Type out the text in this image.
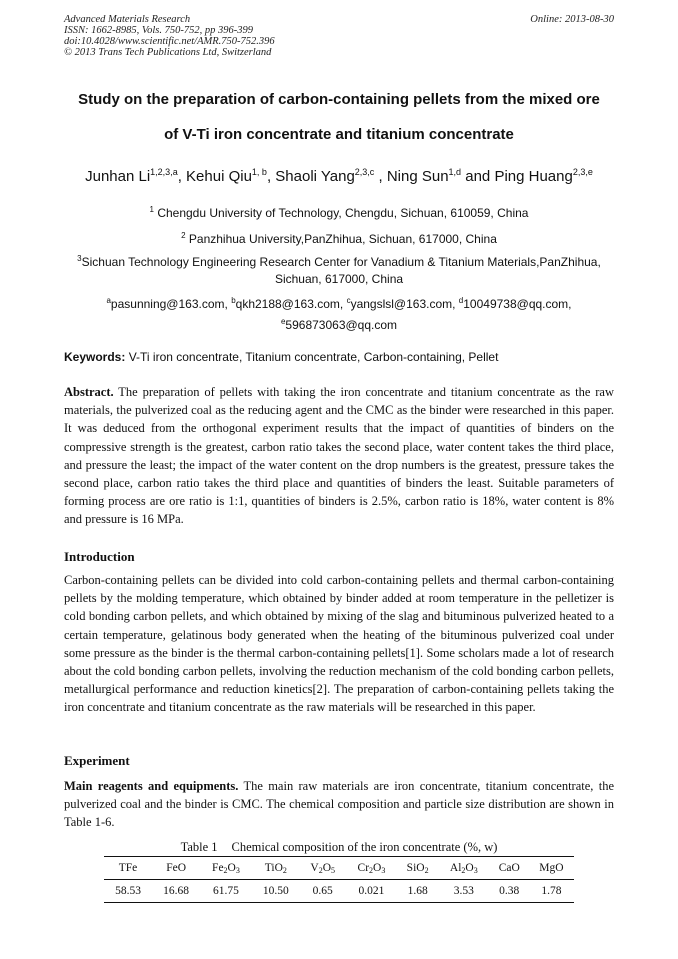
Advanced Materials Research
ISSN: 1662-8985, Vols. 750-752, pp 396-399
doi:10.4028/www.scientific.net/AMR.750-752.396
© 2013 Trans Tech Publications Ltd, Switzerland
Online: 2013-08-30
Study on the preparation of carbon-containing pellets from the mixed ore
of V-Ti iron concentrate and titanium concentrate
Junhan Li$^{1,2,3,a}$, Kehui Qiu$^{1, b}$, Shaoli Yang$^{2,3,c}$ , Ning Sun$^{1,d}$ and Ping Huang$^{2,3,e}$
$^1$ Chengdu University of Technology, Chengdu, Sichuan, 610059, China
$^2$ Panzhihua University,PanZhihua, Sichuan, 617000, China
$^3$Sichuan Technology Engineering Research Center for Vanadium & Titanium Materials,PanZhihua, Sichuan, 617000, China
$^a$pasunning@163.com, $^b$qkh2188@163.com, $^c$yangslsl@163.com, $^d$10049738@qq.com,
$^e$596873063@qq.com
Keywords: V-Ti iron concentrate, Titanium concentrate, Carbon-containing, Pellet
Abstract. The preparation of pellets with taking the iron concentrate and titanium concentrate as the raw materials, the pulverized coal as the reducing agent and the CMC as the binder were researched in this paper. It was deduced from the orthogonal experiment results that the impact of quantities of binders on the compressive strength is the greatest, carbon ratio takes the second place, water content takes the third place, and pressure the least; the impact of the water content on the drop numbers is the greatest, pressure takes the second place, carbon ratio takes the third place and quantities of binders the least. Suitable parameters of forming process are ore ratio is 1:1, quantities of binders is 2.5%, carbon ratio is 18%, water content is 8% and pressure is 16 MPa.
Introduction
Carbon-containing pellets can be divided into cold carbon-containing pellets and thermal carbon-containing pellets by the molding temperature, which obtained by binder added at room temperature in the pelletizer is cold bonding carbon pellets, and which obtained by mixing of the slag and bituminous pulverized heated to a certain temperature, gelatinous body generated when the heating of the bituminous pulverized coal under some pressure as the binder is the thermal carbon-containing pellets[1]. Some scholars made a lot of research about the cold bonding carbon pellets, involving the reduction mechanism of the cold bonding carbon pellets, metallurgical performance and reduction kinetics[2]. The preparation of carbon-containing pellets taking the iron concentrate and titanium concentrate as the raw materials will be researched in this paper.
Experiment
Main reagents and equipments. The main raw materials are iron concentrate, titanium concentrate, the pulverized coal and the binder is CMC. The chemical composition and particle size distribution are shown in Table 1-6.
Table 1 Chemical composition of the iron concentrate (%, w)
TFe	FeO	$Fe_2O_3$	TiO$_2$	$V_2O_5$	$Cr_2O_3$	SiO$_2$	$Al_2O_3$	CaO	MgO
58.53	16.68	61.75	10.50	0.65	0.021	1.68	3.53	0.38	1.78
